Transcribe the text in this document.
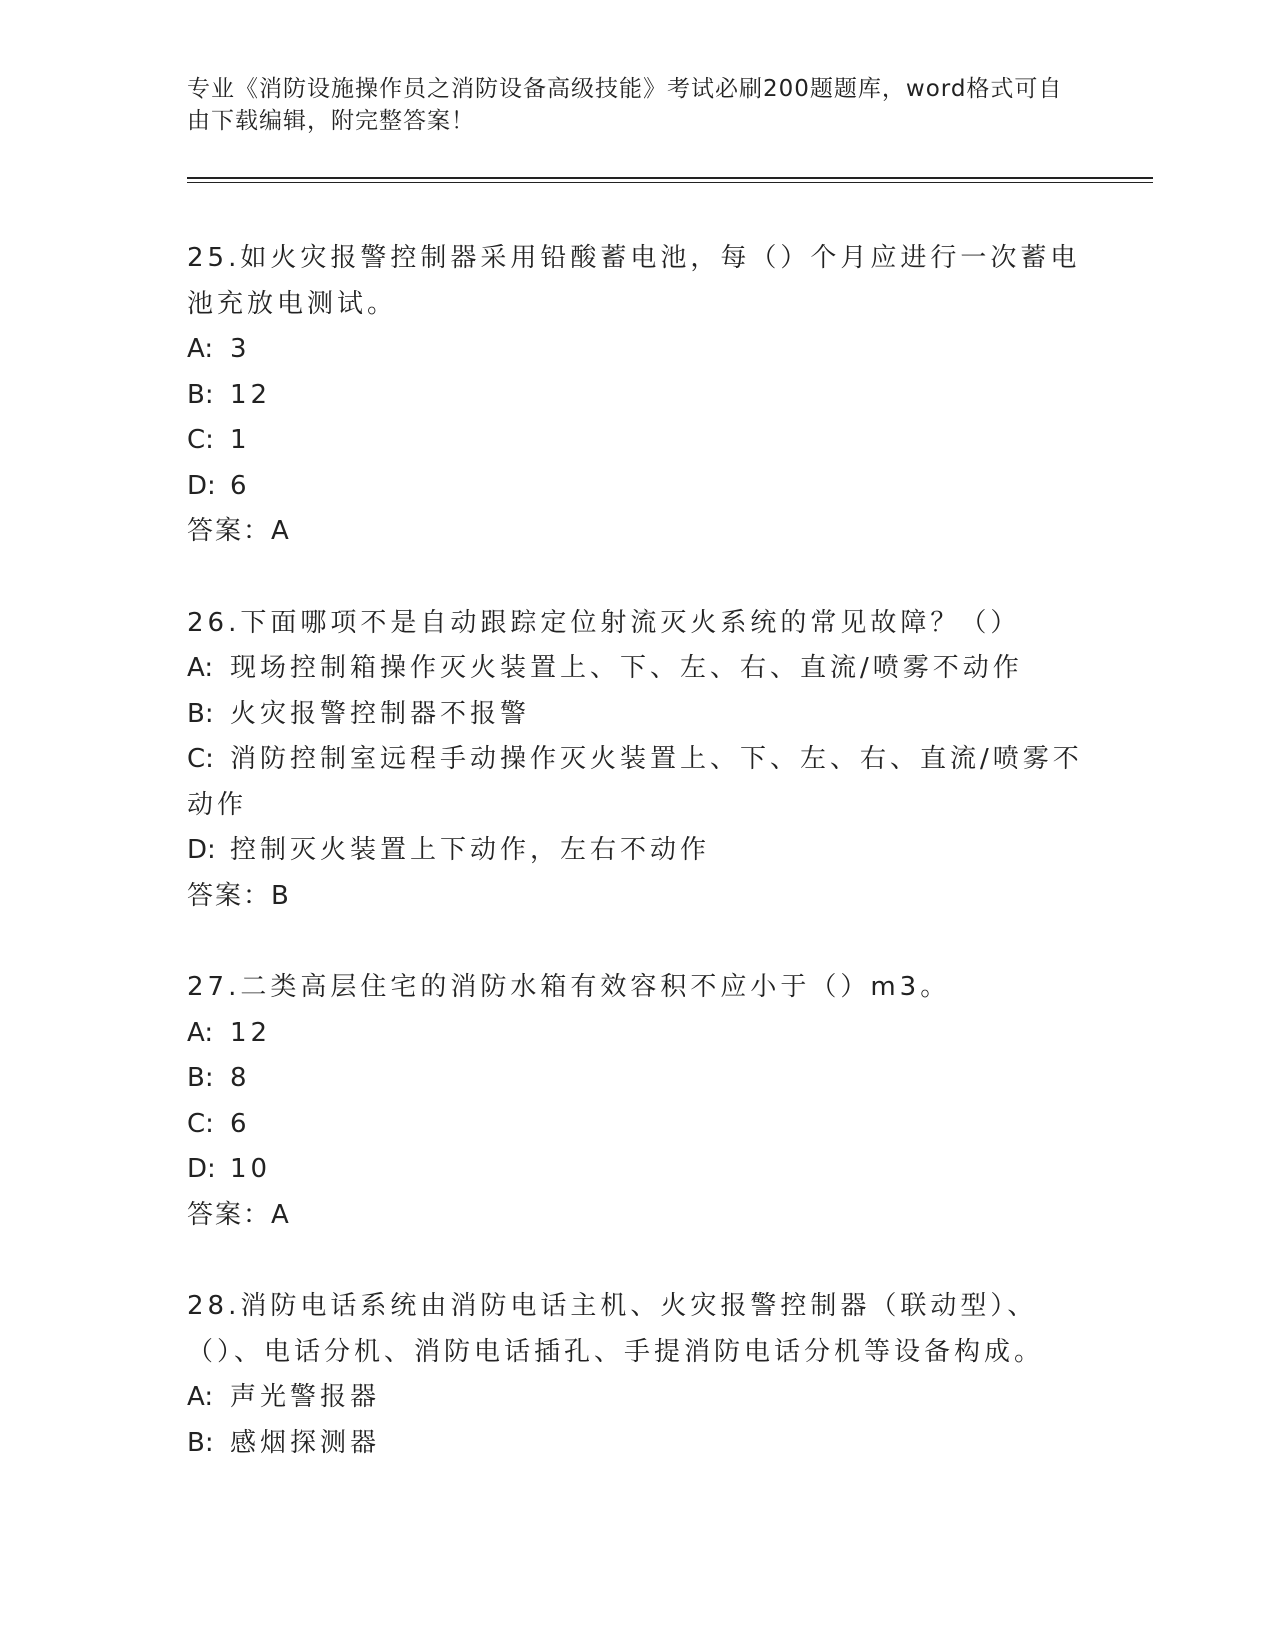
专业《消防设施操作员之消防设备高级技能》考试必刷200题题库，word格式可自由下载编辑，附完整答案！

25.如火灾报警控制器采用铅酸蓄电池，每（）个月应进行一次蓄电池充放电测试。

A: 3

B: 12

C: 1

D: 6

答案：A

26.下面哪项不是自动跟踪定位射流灭火系统的常见故障？（）

A: 现场控制箱操作灭火装置上、下、左、右、直流/喷雾不动作

B: 火灾报警控制器不报警

C: 消防控制室远程手动操作灭火装置上、下、左、右、直流/喷雾不动作

D: 控制灭火装置上下动作，左右不动作

答案：B

27.二类高层住宅的消防水箱有效容积不应小于（）m3。

A: 12

B: 8

C: 6

D: 10

答案：A

28.消防电话系统由消防电话主机、火灾报警控制器（联动型）、（）、电话分机、消防电话插孔、手提消防电话分机等设备构成。

A: 声光警报器

B: 感烟探测器
